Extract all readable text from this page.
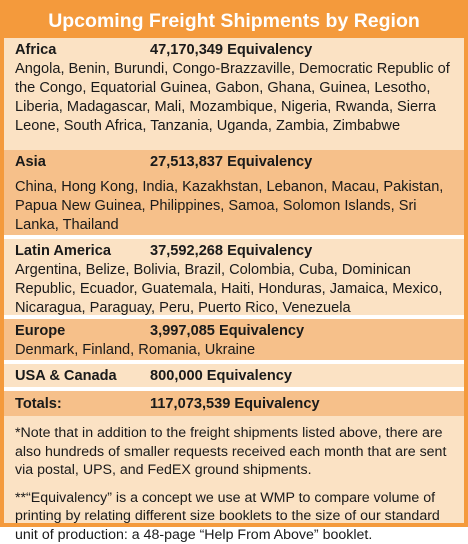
Upcoming Freight Shipments by Region
Africa	47,170,349 Equivalency
Angola, Benin, Burundi, Congo-Brazzaville, Democratic Republic of the Congo, Equatorial Guinea, Gabon, Ghana, Guinea, Lesotho, Liberia, Madagascar, Mali, Mozambique, Nigeria, Rwanda, Sierra Leone, South Africa, Tanzania, Uganda, Zambia, Zimbabwe
Asia	27,513,837 Equivalency
China, Hong Kong, India, Kazakhstan, Lebanon, Macau, Pakistan, Papua New Guinea, Philippines, Samoa, Solomon Islands, Sri Lanka, Thailand
Latin America	37,592,268 Equivalency
Argentina, Belize, Bolivia, Brazil, Colombia, Cuba, Dominican Republic, Ecuador, Guatemala, Haiti, Honduras, Jamaica, Mexico, Nicaragua, Paraguay, Peru, Puerto Rico, Venezuela
Europe	3,997,085 Equivalency
Denmark, Finland, Romania, Ukraine
USA & Canada	800,000 Equivalency
Totals:	117,073,539 Equivalency

*Note that in addition to the freight shipments listed above, there are also hundreds of smaller requests received each month that are sent via postal, UPS, and FedEX ground shipments.

**“Equivalency” is a concept we use at WMP to compare volume of printing by relating different size booklets to the size of our standard unit of production: a 48-page “Help From Above” booklet.
